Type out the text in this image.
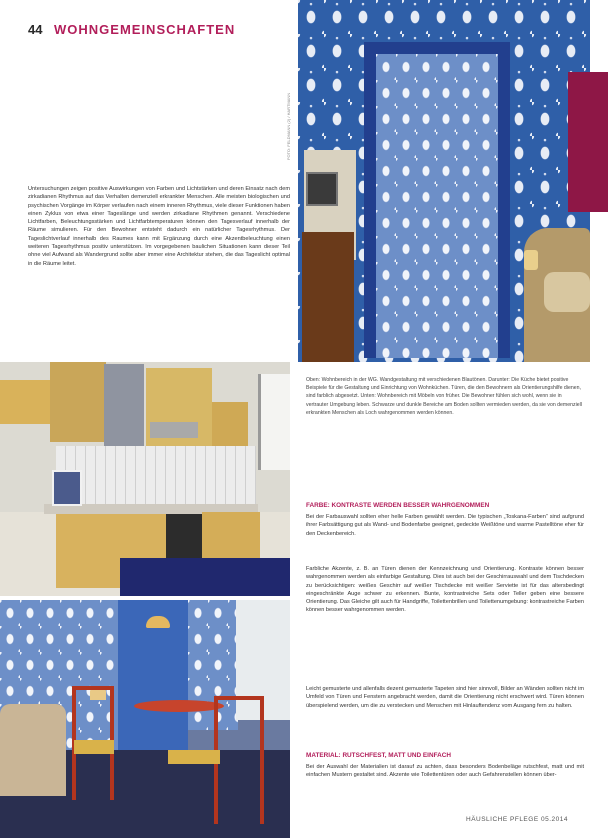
44 WOHNGEMEINSCHAFTEN
FOTO: FELDMANN (2) / HARTMANN
Untersuchungen zeigen positive Auswirkungen von Farben und Lichtstärken und deren Einsatz nach dem zirkadianen Rhythmus auf das Verhalten demenziell erkrankter Menschen. Alle meisten biologischen und psychischen Vorgänge im Körper verlaufen nach einem inneren Rhythmus, viele dieser Funktionen haben einen Zyklus von etwa einer Tageslänge und werden zirkadiane Rhythmen genannt. Verschiedene Lichtfarben, Beleuchtungsstärken und Lichtfarbtemperaturen können den Tagesverlauf innerhalb der Räume simulieren. Für den Bewohner entsteht dadurch ein natürlicher Tagesrhythmus. Der Tageslichtverlauf innerhalb des Raumes kann mit Ergänzung durch eine Akzentbeleuchtung einen weiteren Tagesrhythmus positiv unterstützen. Im vorgegebenen baulichen Situationen kann dieser Teil ohne viel Aufwand als Wandergrund sollte aber immer eine Architektur stehen, die das Tageslicht optimal in die Räume leitet.
Oben: Wohnbereich in der WG. Wandgestaltung mit verschiedenen Blautönen. Darunter: Die Küche bietet positive Beispiele für die Gestaltung und Einrichtung von Wohnküchen. Türen, die den Bewohnern als Orientierungshilfe dienen, sind farblich abgesetzt. Unten: Wohnbereich mit Möbeln von früher. Die Bewohner fühlen sich wohl, wenn sie in vertrauter Umgebung leben. Schwarze und dunkle Bereiche am Boden sollten vermieden werden, da sie von demenziell erkrankten Menschen als Loch wahrgenommen werden können.
FARBE: KONTRASTE WERDEN BESSER WAHRGENOMMEN
Bei der Farbauswahl sollten eher helle Farben gewählt werden. Die typischen „Toskana-Farben“ sind aufgrund ihrer Farbsättigung gut als Wand- und Bodenfarbe geeignet, gedeckte Weißtöne und warme Pastelltöne eher für den Deckenbereich.
Farbliche Akzente, z. B. an Türen dienen der Kennzeichnung und Orientierung. Kontraste können besser wahrgenommen werden als einfarbige Gestaltung. Dies ist auch bei der Geschirrauswahl und dem Tischdecken zu berücksichtigen: weißes Geschirr auf weißer Tischdecke mit weißer Serviette ist für das altersbedingt eingeschränkte Auge schwer zu erkennen. Bunte, kontrastreiche Sets oder Teller geben eine bessere Orientierung. Das Gleiche gilt auch für Handgriffe, Toilettenbrillen und Toilettenumgebung: kontrastreiche Farben können besser wahrgenommen werden.
Leicht gemusterte und allenfalls dezent gemusterte Tapeten sind hier sinnvoll, Bilder an Wänden sollten nicht im Umfeld von Türen und Fenstern angebracht werden, damit die Orientierung nicht erschwert wird. Türen können überspielend werden, um die zu verstecken und Menschen mit Hinlauftendenz vom Ausgang fern zu halten.
MATERIAL: RUTSCHFEST, MATT UND EINFACH
Bei der Auswahl der Materialien ist darauf zu achten, dass besonders Bodenbeläge rutschfest, matt und mit einfachen Mustern gestaltet sind. Akzente wie Toilettentüren oder auch Gefahrenstellen können über-
HÄUSLICHE PFLEGE 05.2014
